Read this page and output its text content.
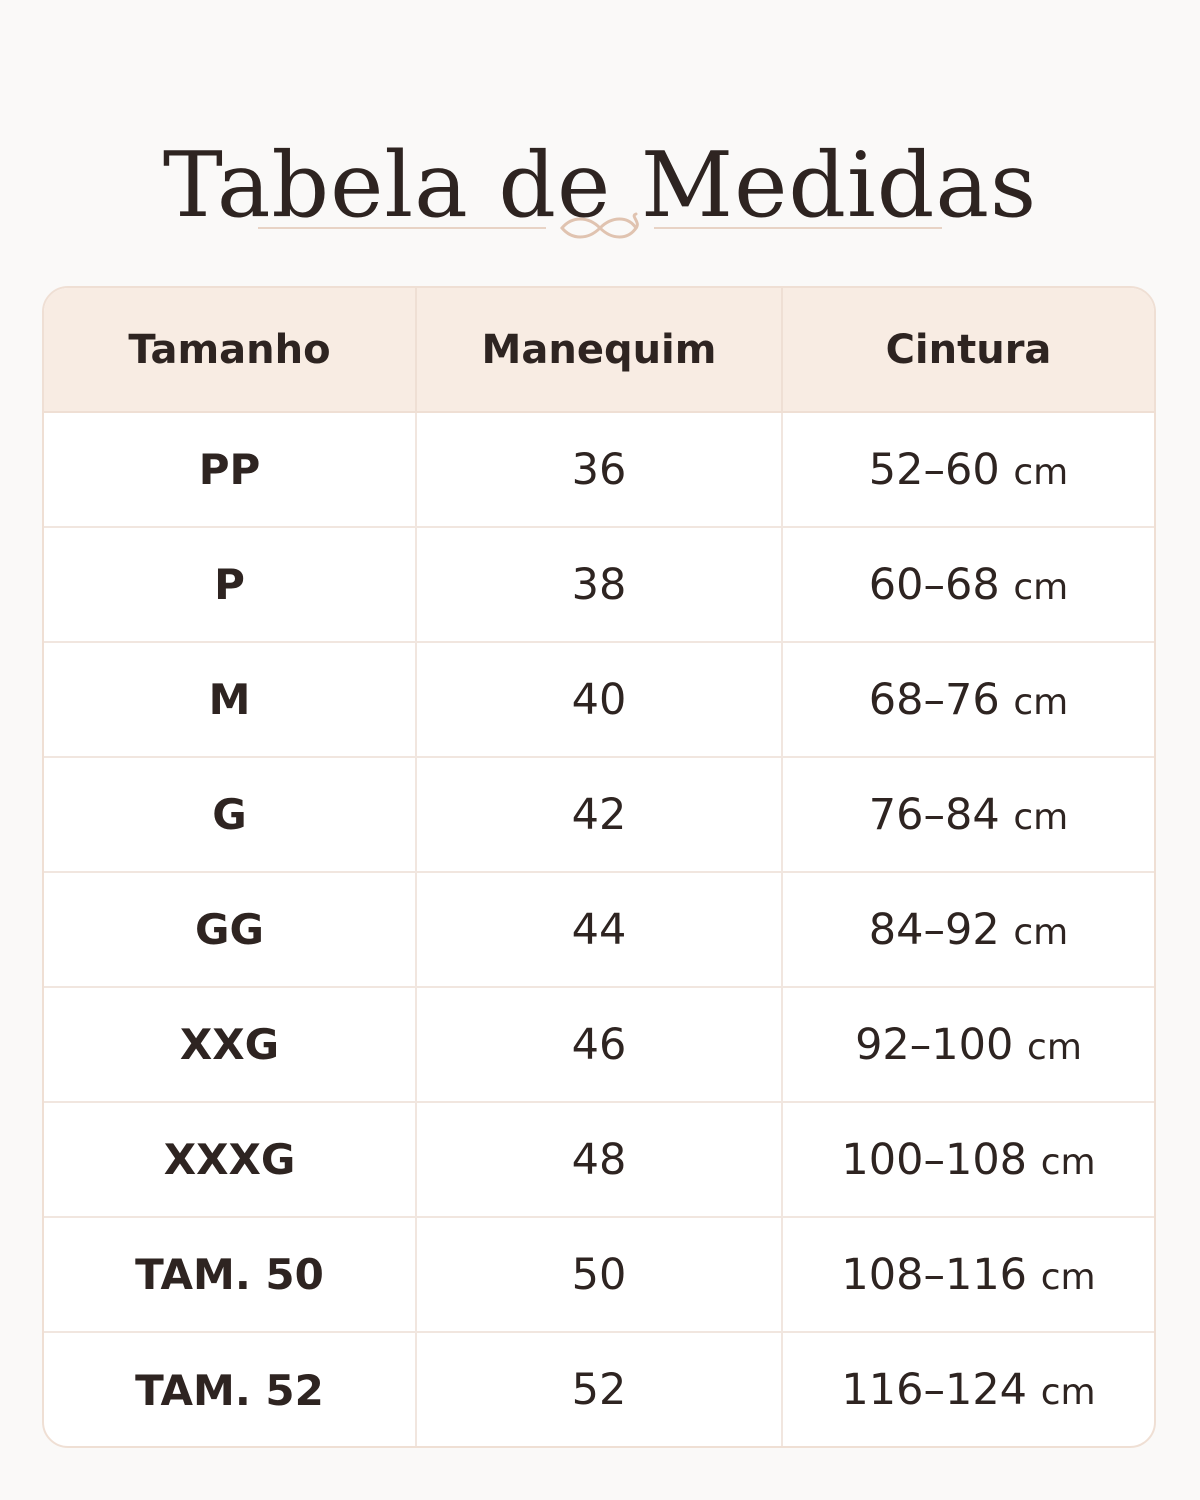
Tabela de Medidas
Tamanho	Manequim	Cintura
PP	36	52–60 cm
P	38	60–68 cm
M	40	68–76 cm
G	42	76–84 cm
GG	44	84–92 cm
XXG	46	92–100 cm
XXXG	48	100–108 cm
TAM. 50	50	108–116 cm
TAM. 52	52	116–124 cm
